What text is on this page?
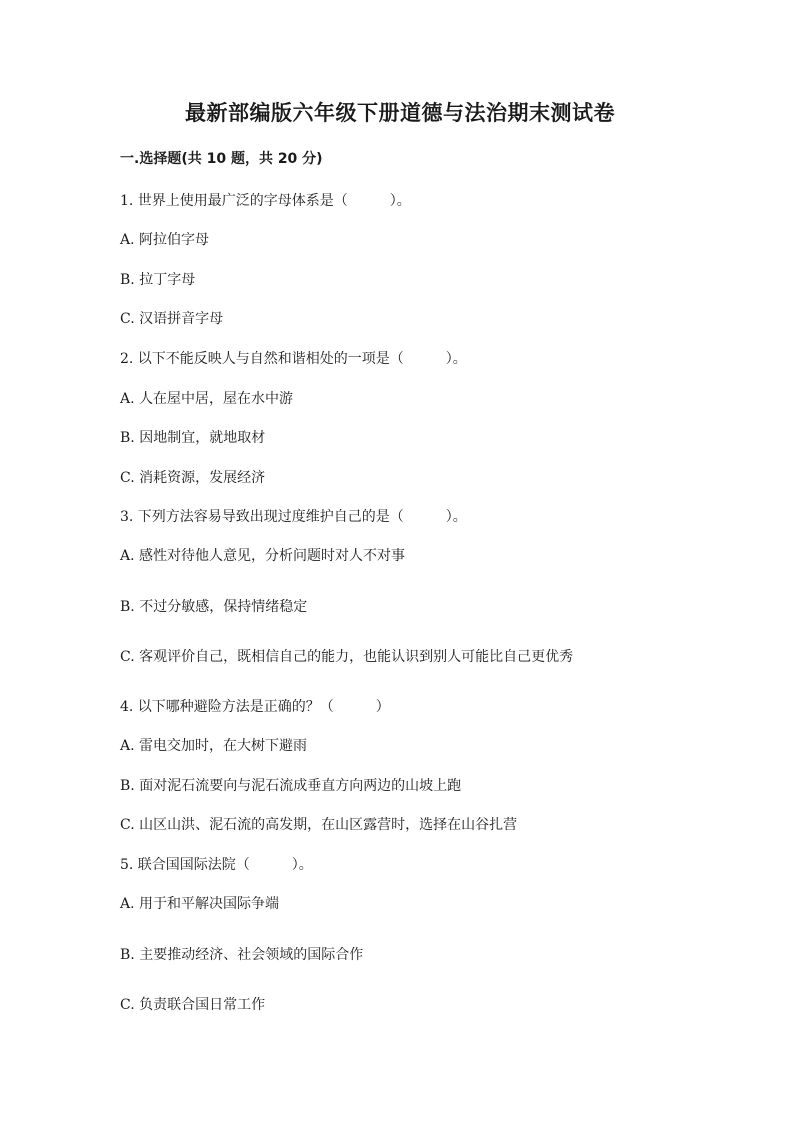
最新部编版六年级下册道德与法治期末测试卷
一.选择题(共 10 题，共 20 分)
1. 世界上使用最广泛的字母体系是（　　　）。
A. 阿拉伯字母
B. 拉丁字母
C. 汉语拼音字母
2. 以下不能反映人与自然和谐相处的一项是（　　　）。
A. 人在屋中居，屋在水中游
B. 因地制宜，就地取材
C. 消耗资源，发展经济
3. 下列方法容易导致出现过度维护自己的是（　　　）。
A. 感性对待他人意见，分析问题时对人不对事
B. 不过分敏感，保持情绪稳定
C. 客观评价自己，既相信自己的能力，也能认识到别人可能比自己更优秀
4. 以下哪种避险方法是正确的？（　　　）
A. 雷电交加时，在大树下避雨
B. 面对泥石流要向与泥石流成垂直方向两边的山坡上跑
C. 山区山洪、泥石流的高发期，在山区露营时，选择在山谷扎营
5. 联合国国际法院（　　　）。
A. 用于和平解决国际争端
B. 主要推动经济、社会领域的国际合作
C. 负责联合国日常工作
